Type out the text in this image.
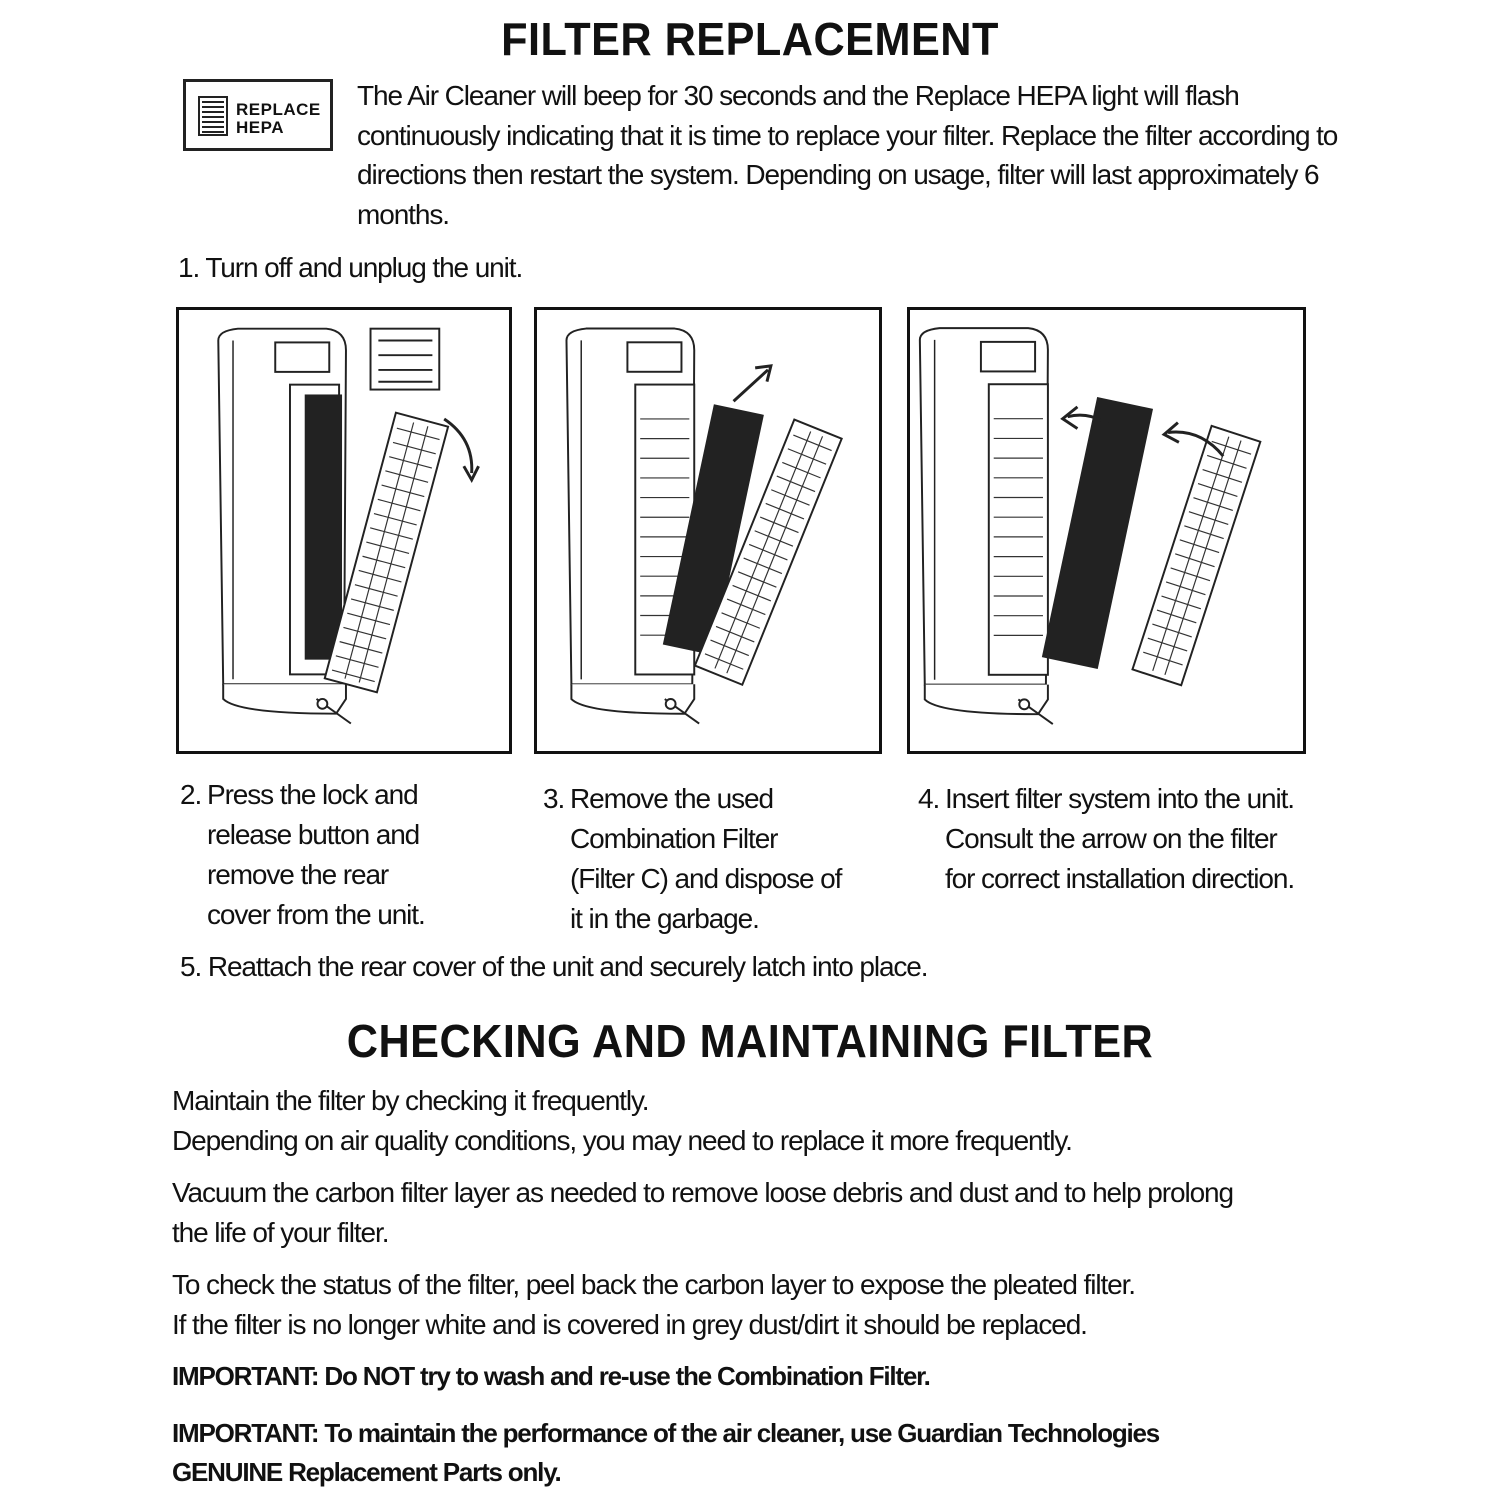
FILTER REPLACEMENT
REPLACE
HEPA

The Air Cleaner will beep for 30 seconds and the Replace HEPA light will flash continuously indicating that it is time to replace your filter. Replace the filter according to directions then restart the system. Depending on usage, filter will last approximately 6 months.

1. Turn off and unplug the unit.
2. Press the lock and
release button and
remove the rear
cover from the unit.
3. Remove the used
Combination Filter
(Filter C) and dispose of
it in the garbage.
4. Insert filter system into the unit.
Consult the arrow on the filter
for correct installation direction.
5. Reattach the rear cover of the unit and securely latch into place.
CHECKING AND MAINTAINING FILTER

Maintain the filter by checking it frequently.
Depending on air quality conditions, you may need to replace it more frequently.

Vacuum the carbon filter layer as needed to remove loose debris and dust and to help prolong
the life of your filter.

To check the status of the filter, peel back the carbon layer to expose the pleated filter.
If the filter is no longer white and is covered in grey dust/dirt it should be replaced.

IMPORTANT: Do NOT try to wash and re-use the Combination Filter.

IMPORTANT: To maintain the performance of the air cleaner, use Guardian Technologies
GENUINE Replacement Parts only.
